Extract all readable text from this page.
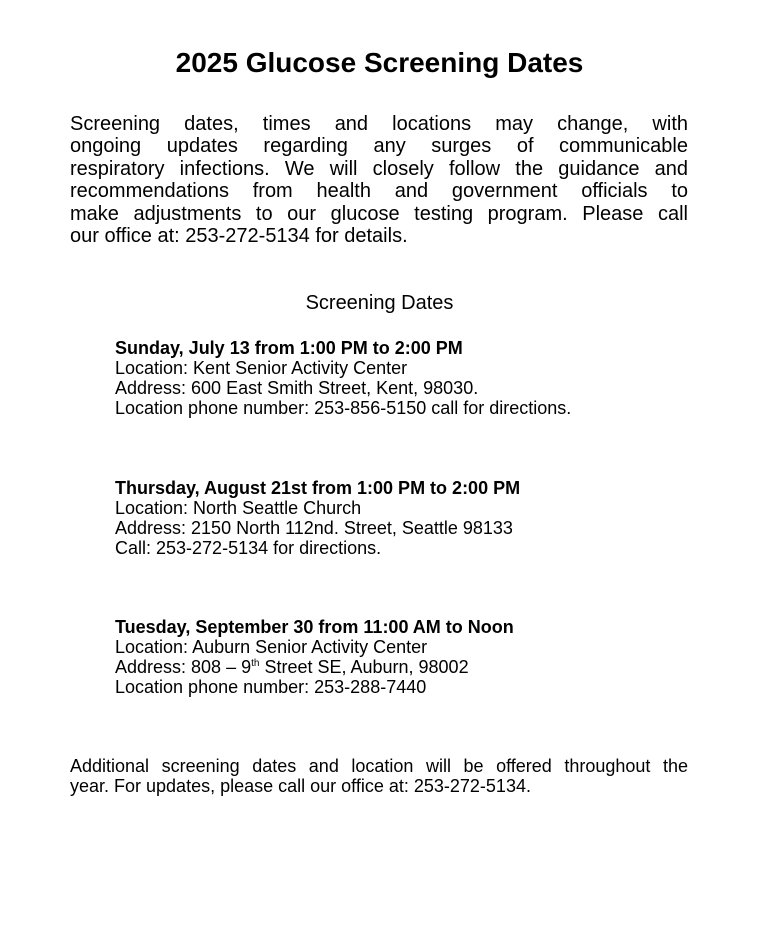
2025 Glucose Screening Dates
Screening dates, times and locations may change, with
ongoing updates regarding any surges of communicable
respiratory infections. We will closely follow the guidance and
recommendations from health and government officials to
make adjustments to our glucose testing program. Please call
our office at: 253-272-5134 for details.
Screening Dates
Sunday, July 13 from 1:00 PM to 2:00 PM
Location: Kent Senior Activity Center
Address: 600 East Smith Street, Kent, 98030.
Location phone number: 253-856-5150 call for directions.
Thursday, August 21st from 1:00 PM to 2:00 PM
Location: North Seattle Church
Address: 2150 North 112nd. Street, Seattle 98133
Call: 253-272-5134 for directions.
Tuesday, September 30 from 11:00 AM to Noon
Location: Auburn Senior Activity Center
Address: 808 – 9th Street SE, Auburn, 98002
Location phone number: 253-288-7440
Additional screening dates and location will be offered throughout the
year. For updates, please call our office at: 253-272-5134.
